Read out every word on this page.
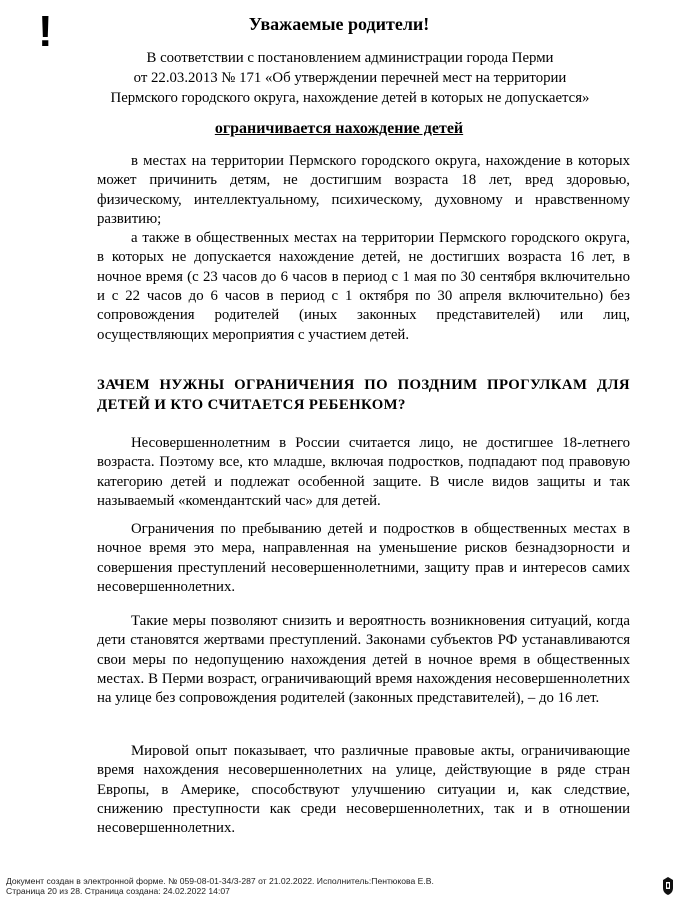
!	Уважаемые родители!
В соответствии с постановлением администрации города Перми
от 22.03.2013 № 171 «Об утверждении перечней мест на территории
Пермского городского округа, нахождение детей в которых не допускается»
ограничивается нахождение детей

в местах на территории Пермского городского округа, нахождение в которых может причинить детям, не достигшим возраста 18 лет, вред здоровью, физическому, интеллектуальному, психическому, духовному и нравственному развитию;

а также в общественных местах на территории Пермского городского округа, в которых не допускается нахождение детей, не достигших возраста 16 лет, в ночное время (с 23 часов до 6 часов в период с 1 мая по 30 сентября включительно и с 22 часов до 6 часов в период с 1 октября по 30 апреля включительно) без сопровождения родителей (иных законных представителей) или лиц, осуществляющих мероприятия с участием детей.

ЗАЧЕМ НУЖНЫ ОГРАНИЧЕНИЯ ПО ПОЗДНИМ ПРОГУЛКАМ ДЛЯ ДЕТЕЙ И КТО СЧИТАЕТСЯ РЕБЕНКОМ?

Несовершеннолетним в России считается лицо, не достигшее 18-летнего возраста. Поэтому все, кто младше, включая подростков, подпадают под правовую категорию детей и подлежат особенной защите. В числе видов защиты и так называемый «комендантский час» для детей.

Ограничения по пребыванию детей и подростков в общественных местах в ночное время это мера, направленная на уменьшение рисков безнадзорности и совершения преступлений несовершеннолетними, защиту прав и интересов самих несовершеннолетних.

Такие меры позволяют снизить и вероятность возникновения ситуаций, когда дети становятся жертвами преступлений. Законами субъектов РФ устанавливаются свои меры по недопущению нахождения детей в ночное время в общественных местах. В Перми возраст, ограничивающий время нахождения несовершеннолетних на улице без сопровождения родителей (законных представителей), – до 16 лет.

Мировой опыт показывает, что различные правовые акты, ограничивающие время нахождения несовершеннолетних на улице, действующие в ряде стран Европы, в Америке, способствуют улучшению ситуации и, как следствие, снижению преступности как среди несовершеннолетних, так и в отношении несовершеннолетних.

Документ создан в электронной форме. № 059-08-01-34/3-287 от 21.02.2022. Исполнитель:Пентюкова Е.В.
Страница 20 из 28. Страница создана: 24.02.2022 14:07
